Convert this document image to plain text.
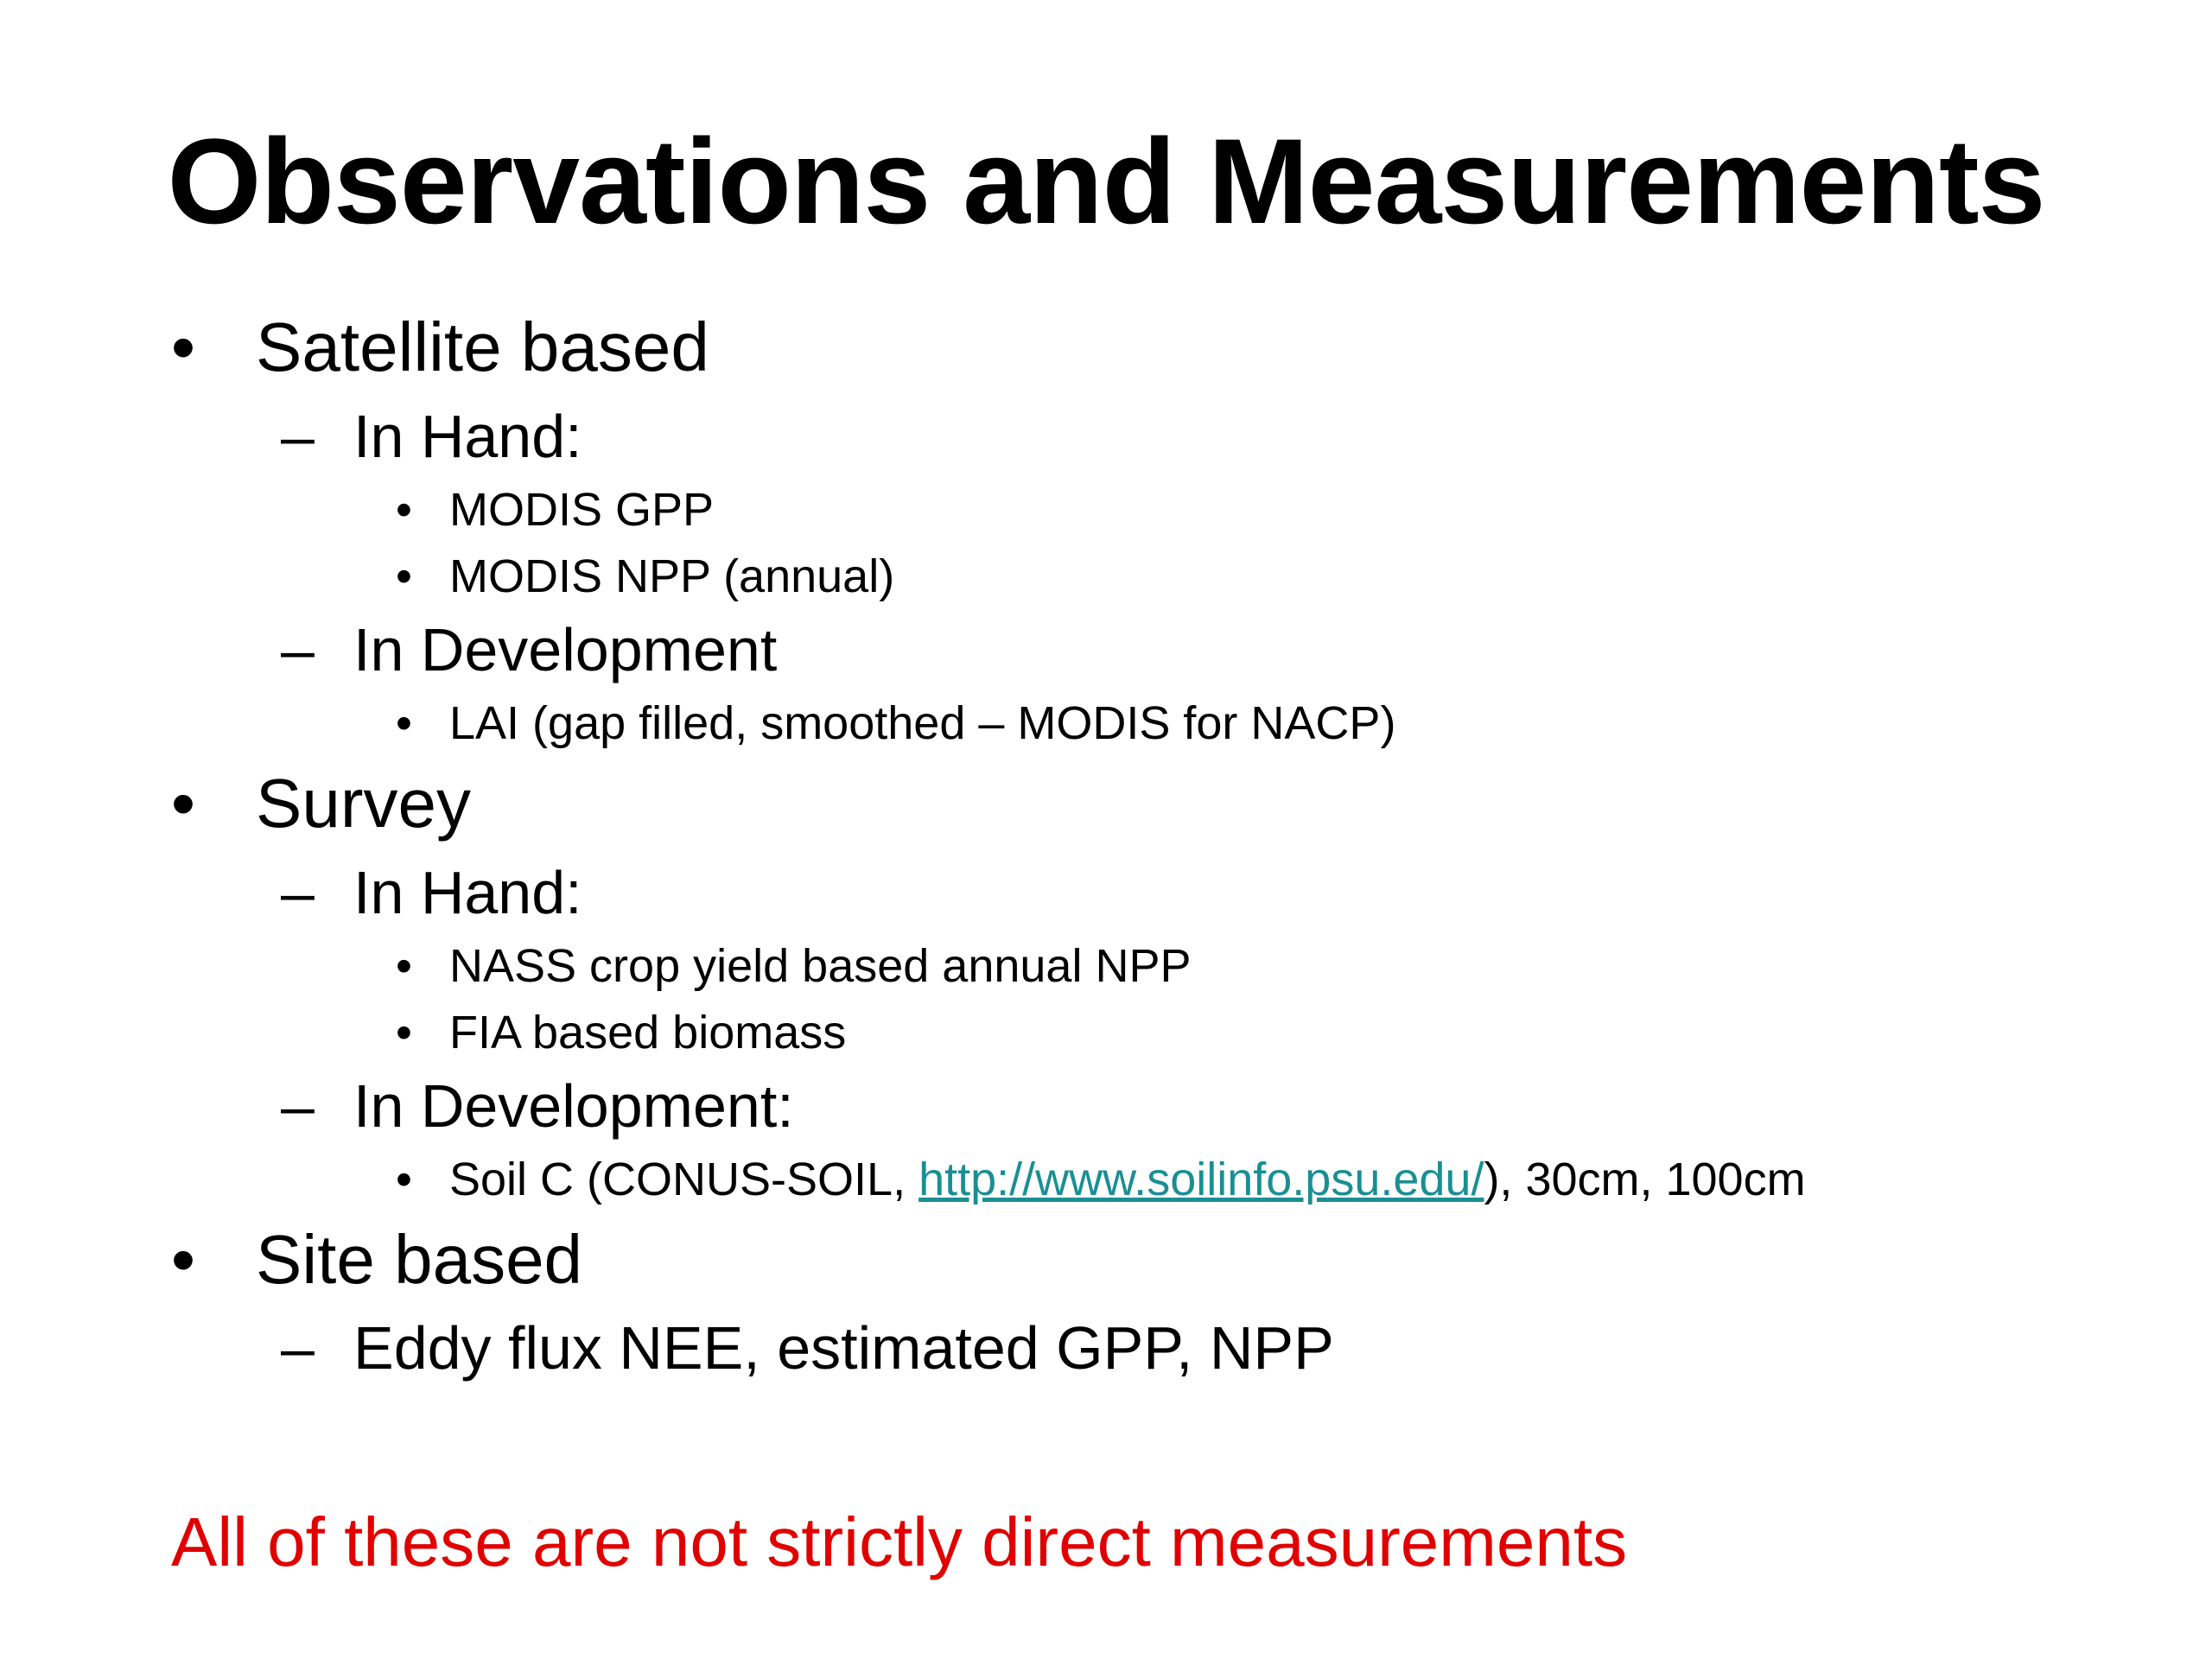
Observations and Measurements
• Satellite based
– In Hand:
• MODIS GPP
• MODIS NPP (annual)
– In Development
• LAI (gap filled, smoothed – MODIS for NACP)
• Survey
– In Hand:
• NASS crop yield based annual NPP
• FIA based biomass
– In Development:
• Soil C (CONUS-SOIL, http://www.soilinfo.psu.edu/), 30cm, 100cm
• Site based
– Eddy flux NEE, estimated GPP, NPP
All of these are not strictly direct measurements
